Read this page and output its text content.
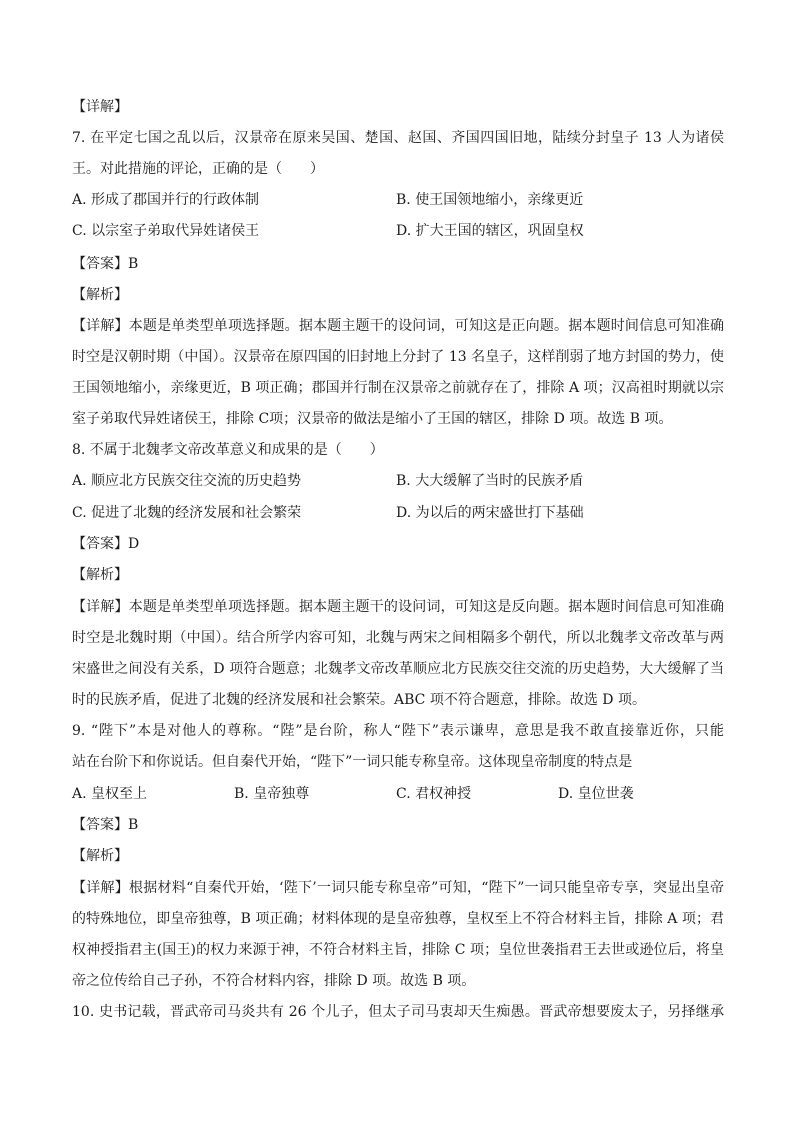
【详解】
7. 在平定七国之乱以后，汉景帝在原来吴国、楚国、赵国、齐国四国旧地，陆续分封皇子 13 人为诸侯
王。对此措施的评论，正确的是（　　）
A. 形成了郡国并行的行政体制	B. 使王国领地缩小，亲缘更近
C. 以宗室子弟取代异姓诸侯王	D. 扩大王国的辖区，巩固皇权
【答案】B
【解析】
【详解】本题是单类型单项选择题。据本题主题干的设问词，可知这是正向题。据本题时间信息可知准确
时空是汉朝时期（中国）。汉景帝在原四国的旧封地上分封了 13 名皇子，这样削弱了地方封国的势力，使
王国领地缩小，亲缘更近，B 项正确；郡国并行制在汉景帝之前就存在了，排除 A 项；汉高祖时期就以宗
室子弟取代异姓诸侯王，排除 C项；汉景帝的做法是缩小了王国的辖区，排除 D 项。故选 B 项。
8. 不属于北魏孝文帝改革意义和成果的是（　　）
A. 顺应北方民族交往交流的历史趋势	B. 大大缓解了当时的民族矛盾
C. 促进了北魏的经济发展和社会繁荣	D. 为以后的两宋盛世打下基础
【答案】D
【解析】
【详解】本题是单类型单项选择题。据本题主题干的设问词，可知这是反向题。据本题时间信息可知准确
时空是北魏时期（中国）。结合所学内容可知，北魏与两宋之间相隔多个朝代，所以北魏孝文帝改革与两
宋盛世之间没有关系，D 项符合题意；北魏孝文帝改革顺应北方民族交往交流的历史趋势，大大缓解了当
时的民族矛盾，促进了北魏的经济发展和社会繁荣。ABC 项不符合题意，排除。故选 D 项。
9. “陛下”本是对他人的尊称。“陛”是台阶，称人“陛下”表示谦卑，意思是我不敢直接靠近你，只能
站在台阶下和你说话。但自秦代开始，“陛下”一词只能专称皇帝。这体现皇帝制度的特点是
A. 皇权至上	B. 皇帝独尊	C. 君权神授	D. 皇位世袭
【答案】B
【解析】
【详解】根据材料“自秦代开始，‘陛下’一词只能专称皇帝”可知，“陛下”一词只能皇帝专享，突显出皇帝
的特殊地位，即皇帝独尊，B 项正确；材料体现的是皇帝独尊，皇权至上不符合材料主旨，排除 A 项；君
权神授指君主(国王)的权力来源于神，不符合材料主旨，排除 C 项；皇位世袭指君王去世或逊位后，将皇
帝之位传给自己子孙，不符合材料内容，排除 D 项。故选 B 项。
10. 史书记载，晋武帝司马炎共有 26 个儿子，但太子司马衷却天生痴愚。晋武帝想要废太子，另择继承
